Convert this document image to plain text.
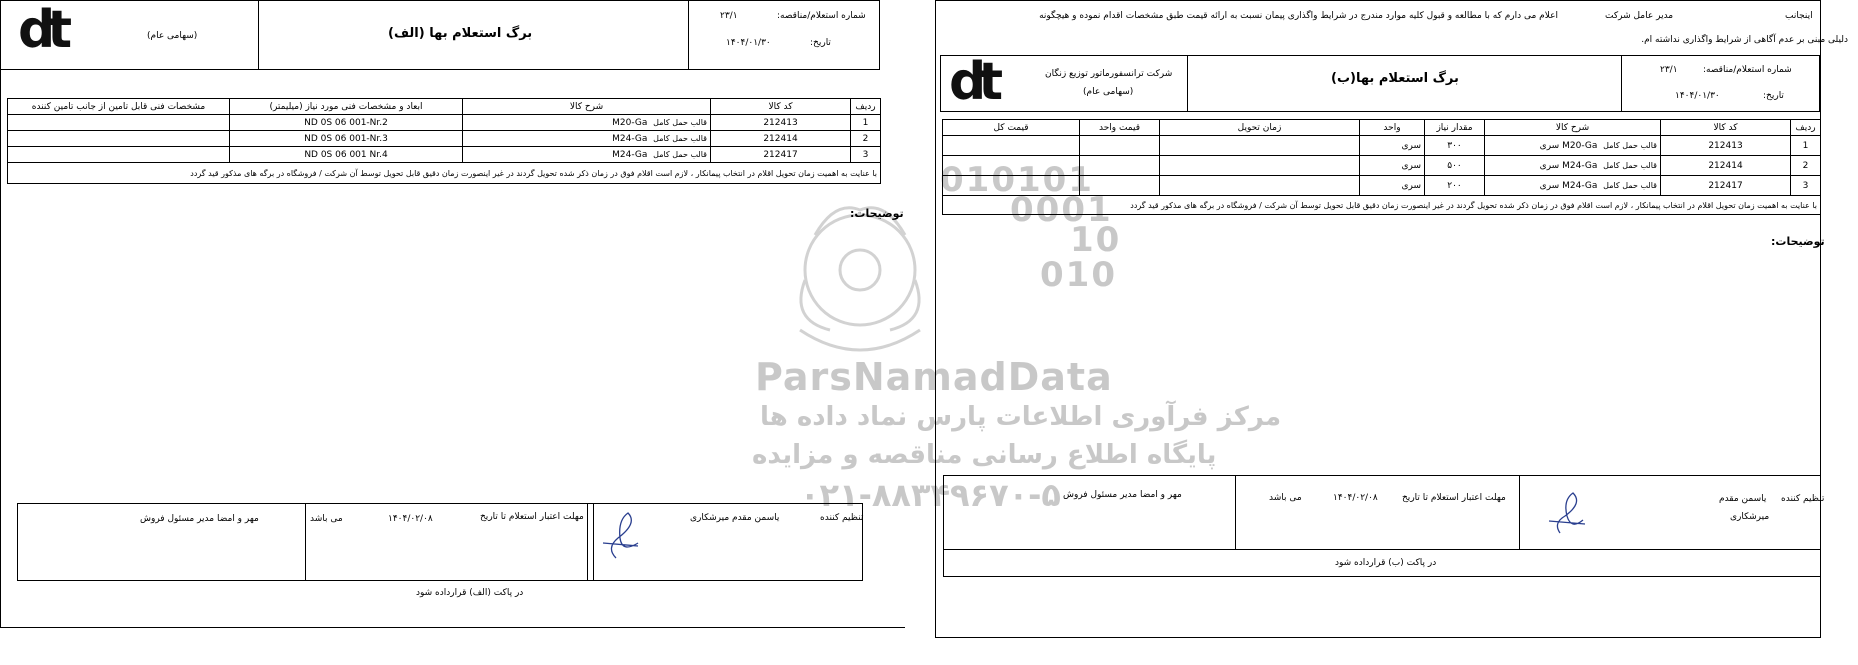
010101
0001
10
010
ParsNamadData
مرکز فرآوری اطلاعات پارس نماد داده ها
پایگاه اطلاع رسانی مناقصه و مزایده
۰۲۱-۸۸۳۴۹۶۷۰-۵
dt	(سهامی عام)	برگ استعلام بها (الف)
شماره استعلام/مناقصه:
۲۳/۱
تاریخ:
۱۴۰۴/۰۱/۳۰
ردیف	کد کالا	شرح کالا	ابعاد و مشخصات فنی مورد نیاز (میلیمتر)	مشخصات فنی قابل تامین از جانب تامین کننده
1	212413	قالب حمل کامل  M20-Ga	ND 0S 06 001-Nr.2	
2	212414	قالب حمل کامل  M24-Ga	ND 0S 06 001-Nr.3	
3	212417	قالب حمل کامل  M24-Ga	ND 0S 06 001 Nr.4	
با عنایت به اهمیت زمان تحویل اقلام در انتخاب پیمانکار ، لازم است اقلام فوق در زمان ذکر شده تحویل گردند در غیر اینصورت زمان دقیق قابل تحویل توسط آن شرکت / فروشگاه در برگه های مذکور قید گردد				
توضیحات:
مهر و امضا مدیر مسئول فروش	مهلت اعتبار استعلام تا تاریخ
۱۴۰۴/۰۲/۰۸
می باشد	تنظیم کننده
یاسمن مقدم میرشکاری
در پاکت (الف) قرارداده شود
اینجانب
مدیر عامل شرکت
اعلام می دارم که با مطالعه و قبول کلیه موارد مندرج در شرایط واگذاری پیمان نسبت به ارائه قیمت طبق مشخصات اقدام نموده و هیچگونه
دلیلی مبنی بر عدم آگاهی از شرایط واگذاری نداشته ام.
dt	شرکت ترانسفورماتور توزیع زنگان
(سهامی عام)
برگ استعلام بها(ب)
شماره استعلام/مناقصه:
۲۳/۱
تاریخ:
۱۴۰۴/۰۱/۳۰
ردیف	کد کالا	شرح کالا	مقدار نیاز	واحد	زمان تحویل	قیمت واحد	قیمت کل
1	212413	قالب حمل کامل  M20-Ga سری	۳۰۰	سری			
2	212414	قالب حمل کامل  M24-Ga سری	۵۰۰	سری			
3	212417	قالب حمل کامل  M24-Ga سری	۲۰۰	سری			
با عنایت به اهمیت زمان تحویل اقلام در انتخاب پیمانکار ، لازم است اقلام فوق در زمان ذکر شده تحویل گردند در غیر اینصورت زمان دقیق قابل تحویل توسط آن شرکت / فروشگاه در برگه های مذکور قید گردد							
توضیحات:
مهر و امضا مدیر مسئول فروش	مهلت اعتبار استعلام تا تاریخ
۱۴۰۴/۰۲/۰۸
می باشد	تنظیم کننده
یاسمن مقدم
میرشکاری
در پاکت (ب) قرارداده شود
